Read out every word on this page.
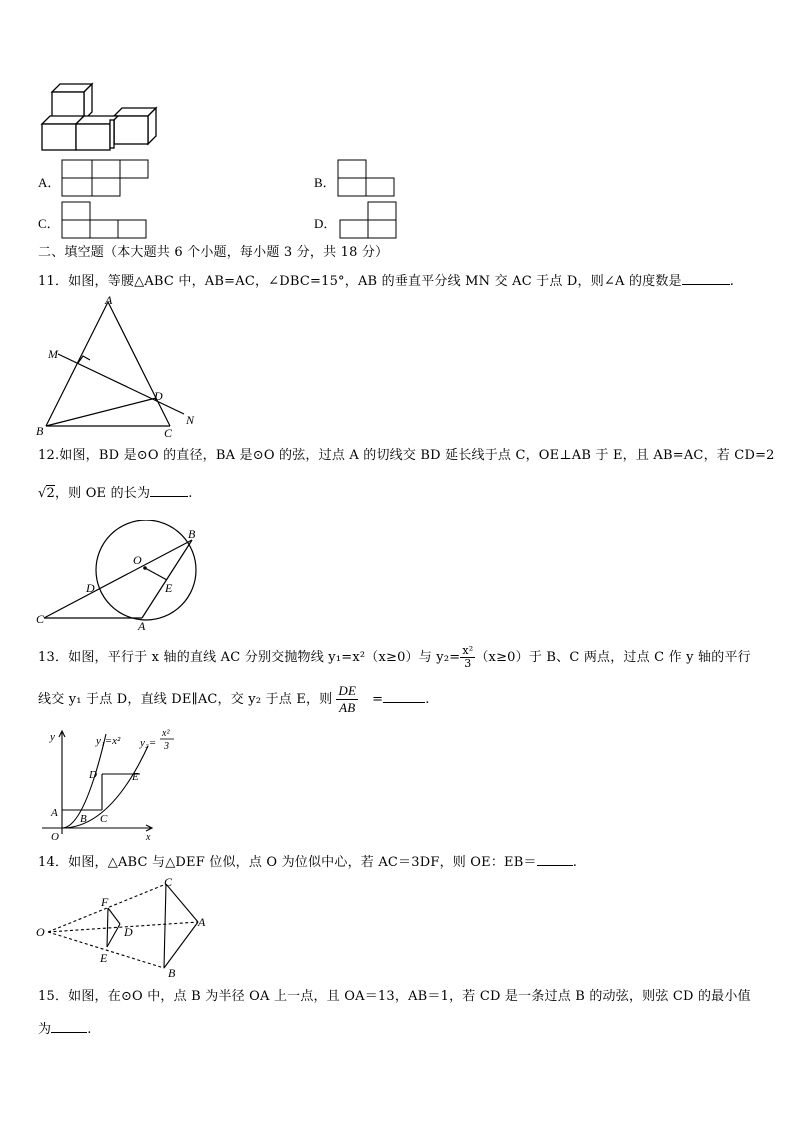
A．	B．
C．	D．
二、填空题（本大题共 6 个小题，每小题 3 分，共 18 分）
11．如图，等腰△ABC 中，AB=AC，∠DBC=15°，AB 的垂直平分线 MN 交 AC 于点 D，则∠A 的度数是	.
A
M
D
N
B	C
12.如图，BD 是⊙O 的直径，BA 是⊙O 的弦，过点 A 的切线交 BD 延长线于点 C，OE⊥AB 于 E，且 AB=AC，若 CD=2
√2，则 OE 的长为	.
B
O
D	E
C	A
13．如图，平行于 x 轴的直线 AC 分别交抛物线 y₁=x²（x≥0）与 $y_2= \frac{\text{x²}}{3} (x\ge 0)$于 B、C 两点，过点 C 作 y 轴的平行
线交 y₁ 于点 D，直线 DE∥AC，交 y₂ 于点 E，则 $\frac{DE}{AB}$ =	.
y	y₁=x² y₂=
x²
3
D	E
A B C
O	x
14．如图，△ABC 与△DEF 位似，点 O 为位似中心，若 AC＝3DF，则 OE：EB＝	.
C
F
O	D
A
E
B
15．如图，在⊙O 中，点 B 为半径 OA 上一点，且 OA＝13，AB＝1，若 CD 是一条过点 B 的动弦，则弦 CD 的最小值
为	.
